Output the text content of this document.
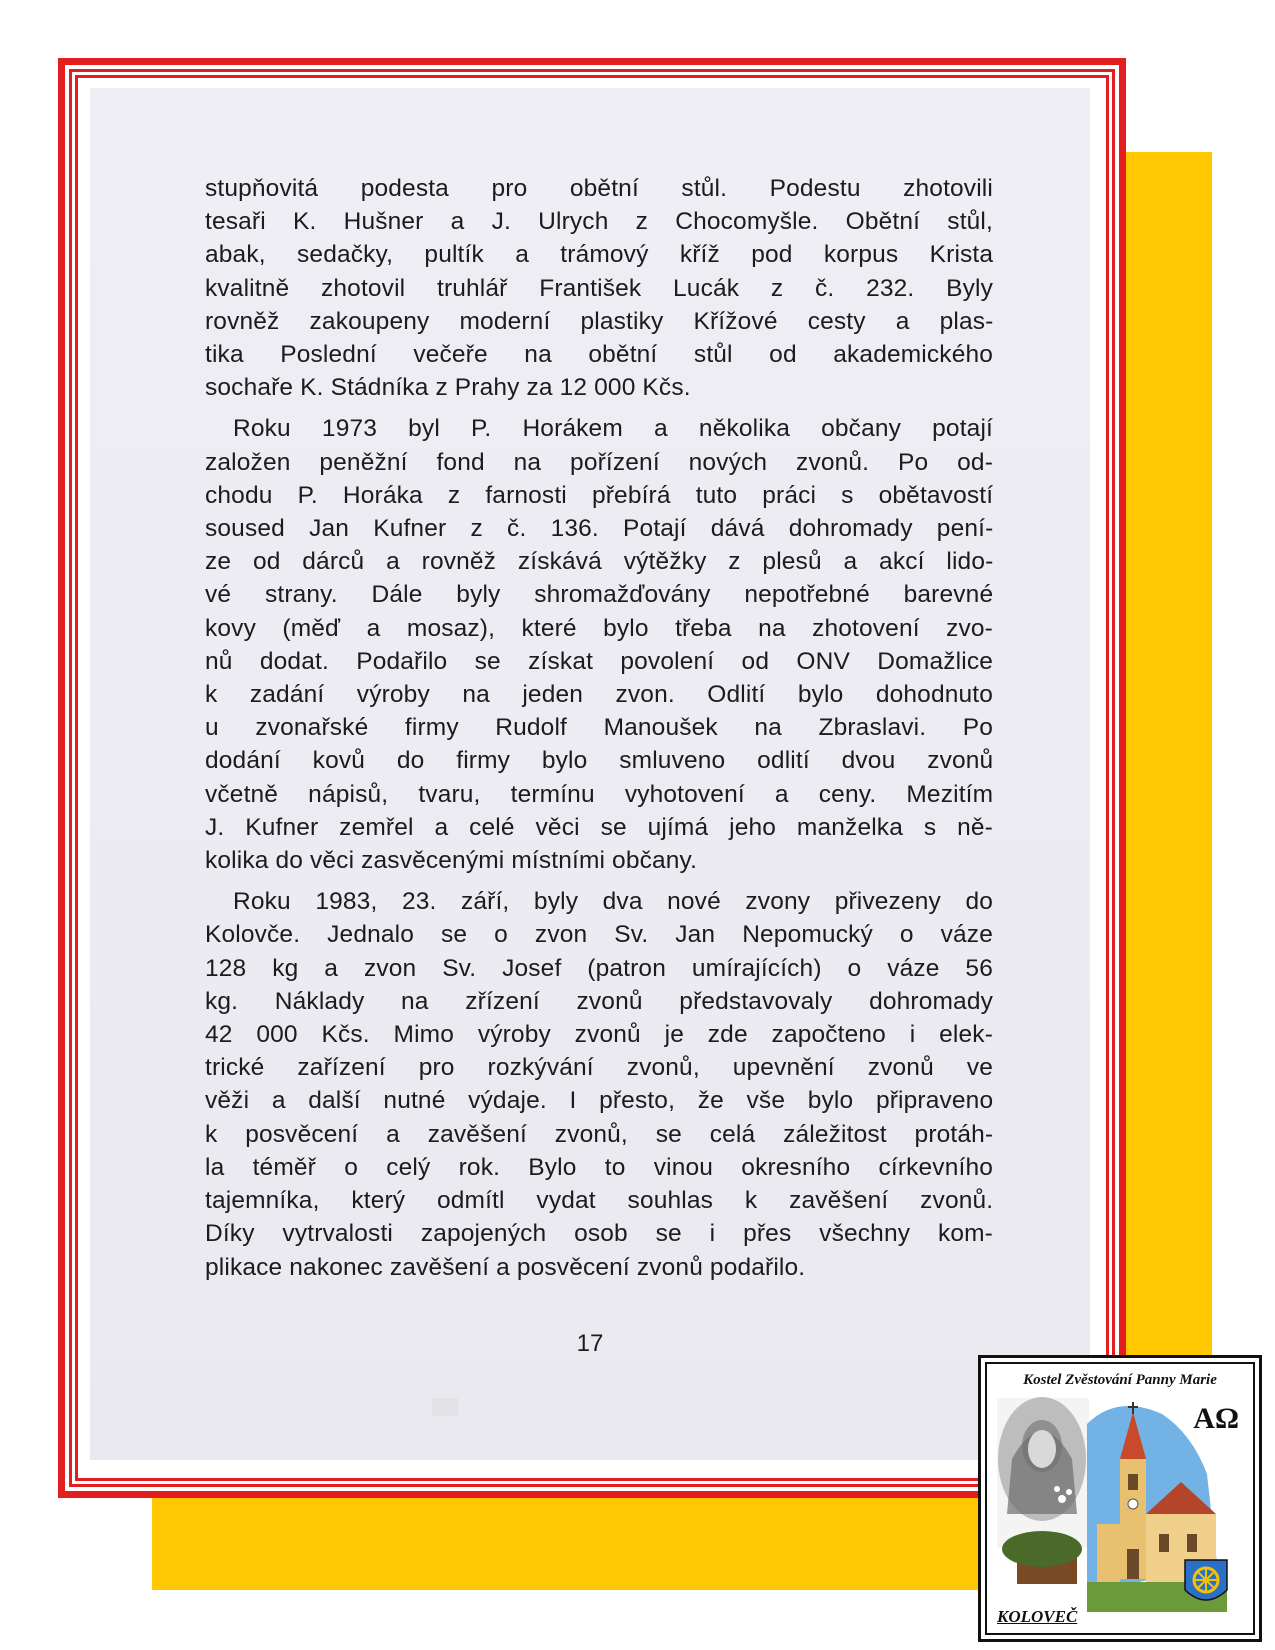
stupňovitá podesta pro obětní stůl. Podestu zhotovili
tesaři K. Hušner a J. Ulrych z Chocomyšle. Obětní stůl,
abak, sedačky, pultík a trámový kříž pod korpus Krista
kvalitně zhotovil truhlář František Lucák z č. 232. Byly
rovněž zakoupeny moderní plastiky Křížové cesty a plas-
tika Poslední večeře na obětní stůl od akademického
sochaře K. Stádníka z Prahy za 12 000 Kčs.
Roku 1973 byl P. Horákem a několika občany potají
založen peněžní fond na pořízení nových zvonů. Po od-
chodu P. Horáka z farnosti přebírá tuto práci s obětavostí
soused Jan Kufner z č. 136. Potají dává dohromady pení-
ze od dárců a rovněž získává výtěžky z plesů a akcí lido-
vé strany. Dále byly shromažďovány nepotřebné barevné
kovy (měď a mosaz), které bylo třeba na zhotovení zvo-
nů dodat. Podařilo se získat povolení od ONV Domažlice
k zadání výroby na jeden zvon. Odlití bylo dohodnuto
u zvonařské firmy Rudolf Manoušek na Zbraslavi. Po
dodání kovů do firmy bylo smluveno odlití dvou zvonů
včetně nápisů, tvaru, termínu vyhotovení a ceny. Mezitím
J. Kufner zemřel a celé věci se ujímá jeho manželka s ně-
kolika do věci zasvěcenými místními občany.
Roku 1983, 23. září, byly dva nové zvony přivezeny do
Kolovče. Jednalo se o zvon Sv. Jan Nepomucký o váze
128 kg a zvon Sv. Josef (patron umírajících) o váze 56
kg. Náklady na zřízení zvonů představovaly dohromady
42 000 Kčs. Mimo výroby zvonů je zde započteno i elek-
trické zařízení pro rozkývání zvonů, upevnění zvonů ve
věži a další nutné výdaje. I přesto, že vše bylo připraveno
k posvěcení a zavěšení zvonů, se celá záležitost protáh-
la téměř o celý rok. Bylo to vinou okresního církevního
tajemníka, který odmítl vydat souhlas k zavěšení zvonů.
Díky vytrvalosti zapojených osob se i přes všechny kom-
plikace nakonec zavěšení a posvěcení zvonů podařilo.
17
Kostel Zvěstování Panny Marie
ΑΩ
KOLOVEČ
